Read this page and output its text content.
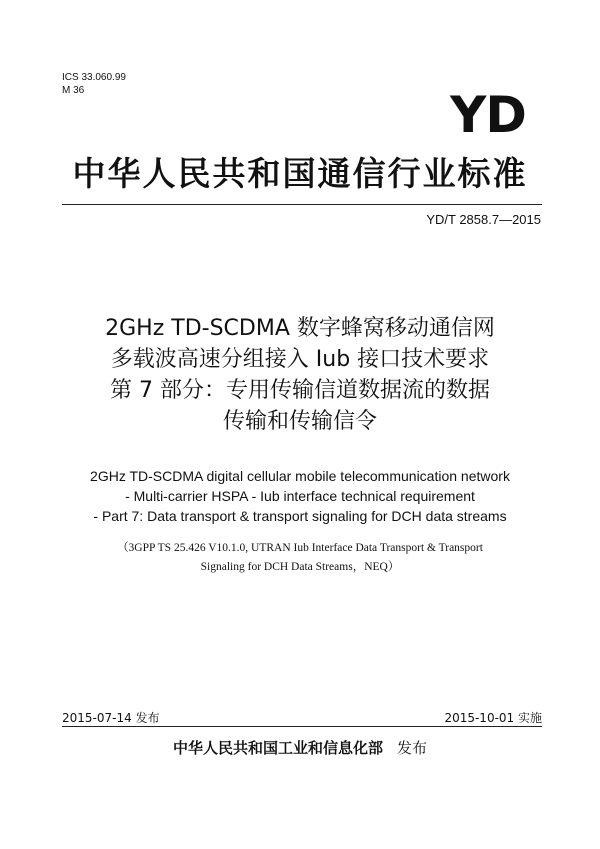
ICS 33.060.99
M 36	YD
中华人民共和国通信行业标准
YD/T 2858.7—2015
2GHz TD-SCDMA 数字蜂窝移动通信网
多载波高速分组接入 Iub 接口技术要求
第 7 部分：专用传输信道数据流的数据
传输和传输信令
2GHz TD-SCDMA digital cellular mobile telecommunication network
- Multi-carrier HSPA - Iub interface technical requirement
- Part 7: Data transport & transport signaling for DCH data streams
（3GPP TS 25.426 V10.1.0, UTRAN Iub Interface Data Transport & Transport
Signaling for DCH Data Streams，NEQ）
2015-07-14 发布	2015-10-01 实施
中华人民共和国工业和信息化部 发布
